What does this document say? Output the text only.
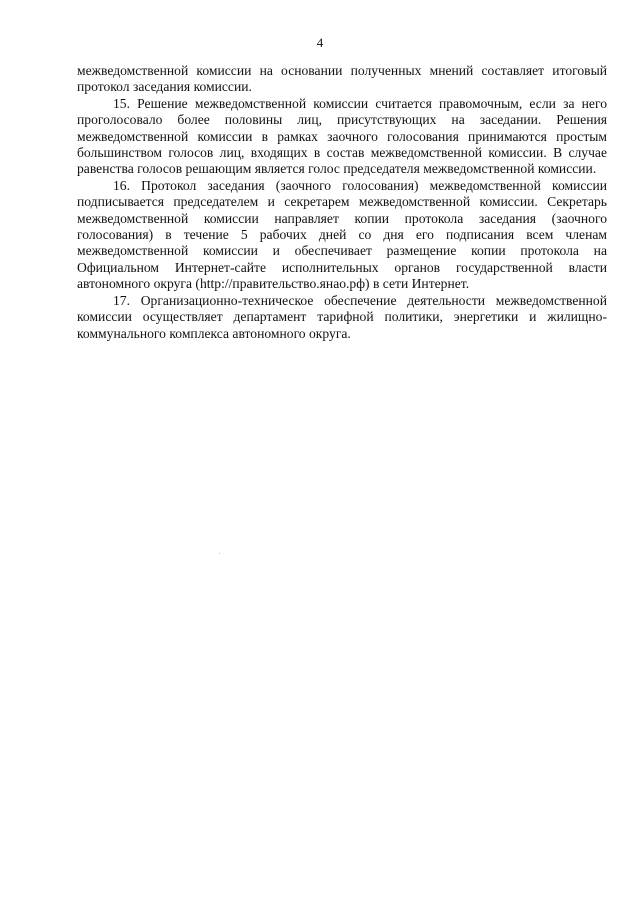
4

межведомственной комиссии на основании полученных мнений составляет итоговый протокол заседания комиссии.

15. Решение межведомственной комиссии считается правомочным, если за него проголосовало более половины лиц, присутствующих на заседании. Решения межведомственной комиссии в рамках заочного голосования принимаются простым большинством голосов лиц, входящих в состав межведомственной комиссии. В случае равенства голосов решающим является голос председателя межведомственной комиссии.

16. Протокол заседания (заочного голосования) межведомственной комиссии подписывается председателем и секретарем межведомственной комиссии. Секретарь межведомственной комиссии направляет копии протокола заседания (заочного голосования) в течение 5 рабочих дней со дня его подписания всем членам межведомственной комиссии и обеспечивает размещение копии протокола на Официальном Интернет-сайте исполнительных органов государственной власти автономного округа (http://правительство.янао.рф) в сети Интернет.

17. Организационно-техническое обеспечение деятельности межведомственной комиссии осуществляет департамент тарифной политики, энергетики и жилищно-коммунального комплекса автономного округа.
